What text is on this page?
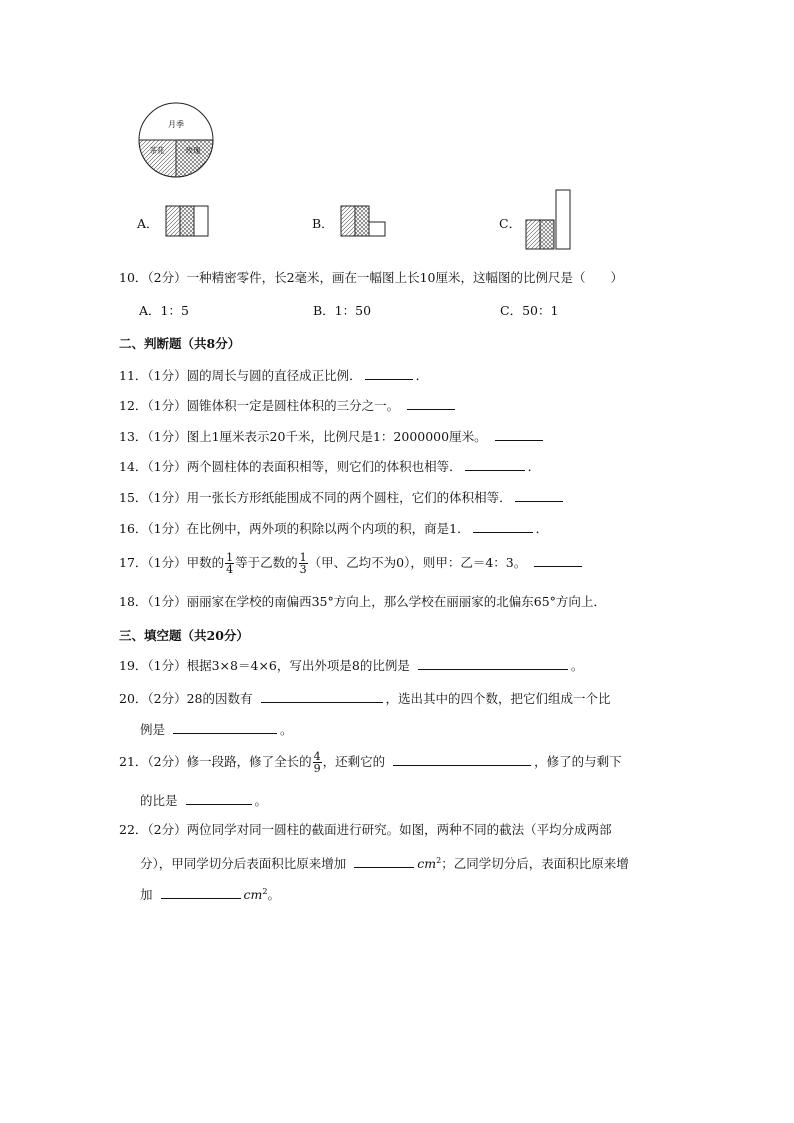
月季
茶花	玫瑰
A．	B．	C．
10．（2分）一种精密零件，长2毫米，画在一幅图上长10厘米，这幅图的比例尺是（　　）
A．1：5	B．1：50	C．50：1
二、判断题（共8分）
11．（1分）圆的周长与圆的直径成正比例．	．
12．（1分）圆锥体积一定是圆柱体积的三分之一。
13．（1分）图上1厘米表示20千米，比例尺是1：2000000厘米。
14．（1分）两个圆柱体的表面积相等，则它们的体积也相等．	．
15．（1分）用一张长方形纸能围成不同的两个圆柱，它们的体积相等．
16．（1分）在比例中，两外项的积除以两个内项的积，商是1．	．
17．（1分）甲数的 $\frac{1}{4}$ 等于乙数的 $\frac{1}{3}$ （甲、乙均不为0），则甲：乙＝4：3。
18．（1分）丽丽家在学校的南偏西35°方向上，那么学校在丽丽家的北偏东65°方向上．
三、填空题（共20分）
19．（1分）根据3×8＝4×6，写出外项是8的比例是	。
20．（2分）28的因数有	，选出其中的四个数，把它们组成一个比
例是	。
21．（2分）修一段路，修了全长的 $\frac{4}{9}$ ，还剩它的	，修了的与剩下
的比是	。
22．（2分）两位同学对同一圆柱的截面进行研究。如图，两种不同的截法（平均分成两部
分），甲同学切分后表面积比原来增加	$cm^2$；乙同学切分后，表面积比原来增
加	$cm^2$。
